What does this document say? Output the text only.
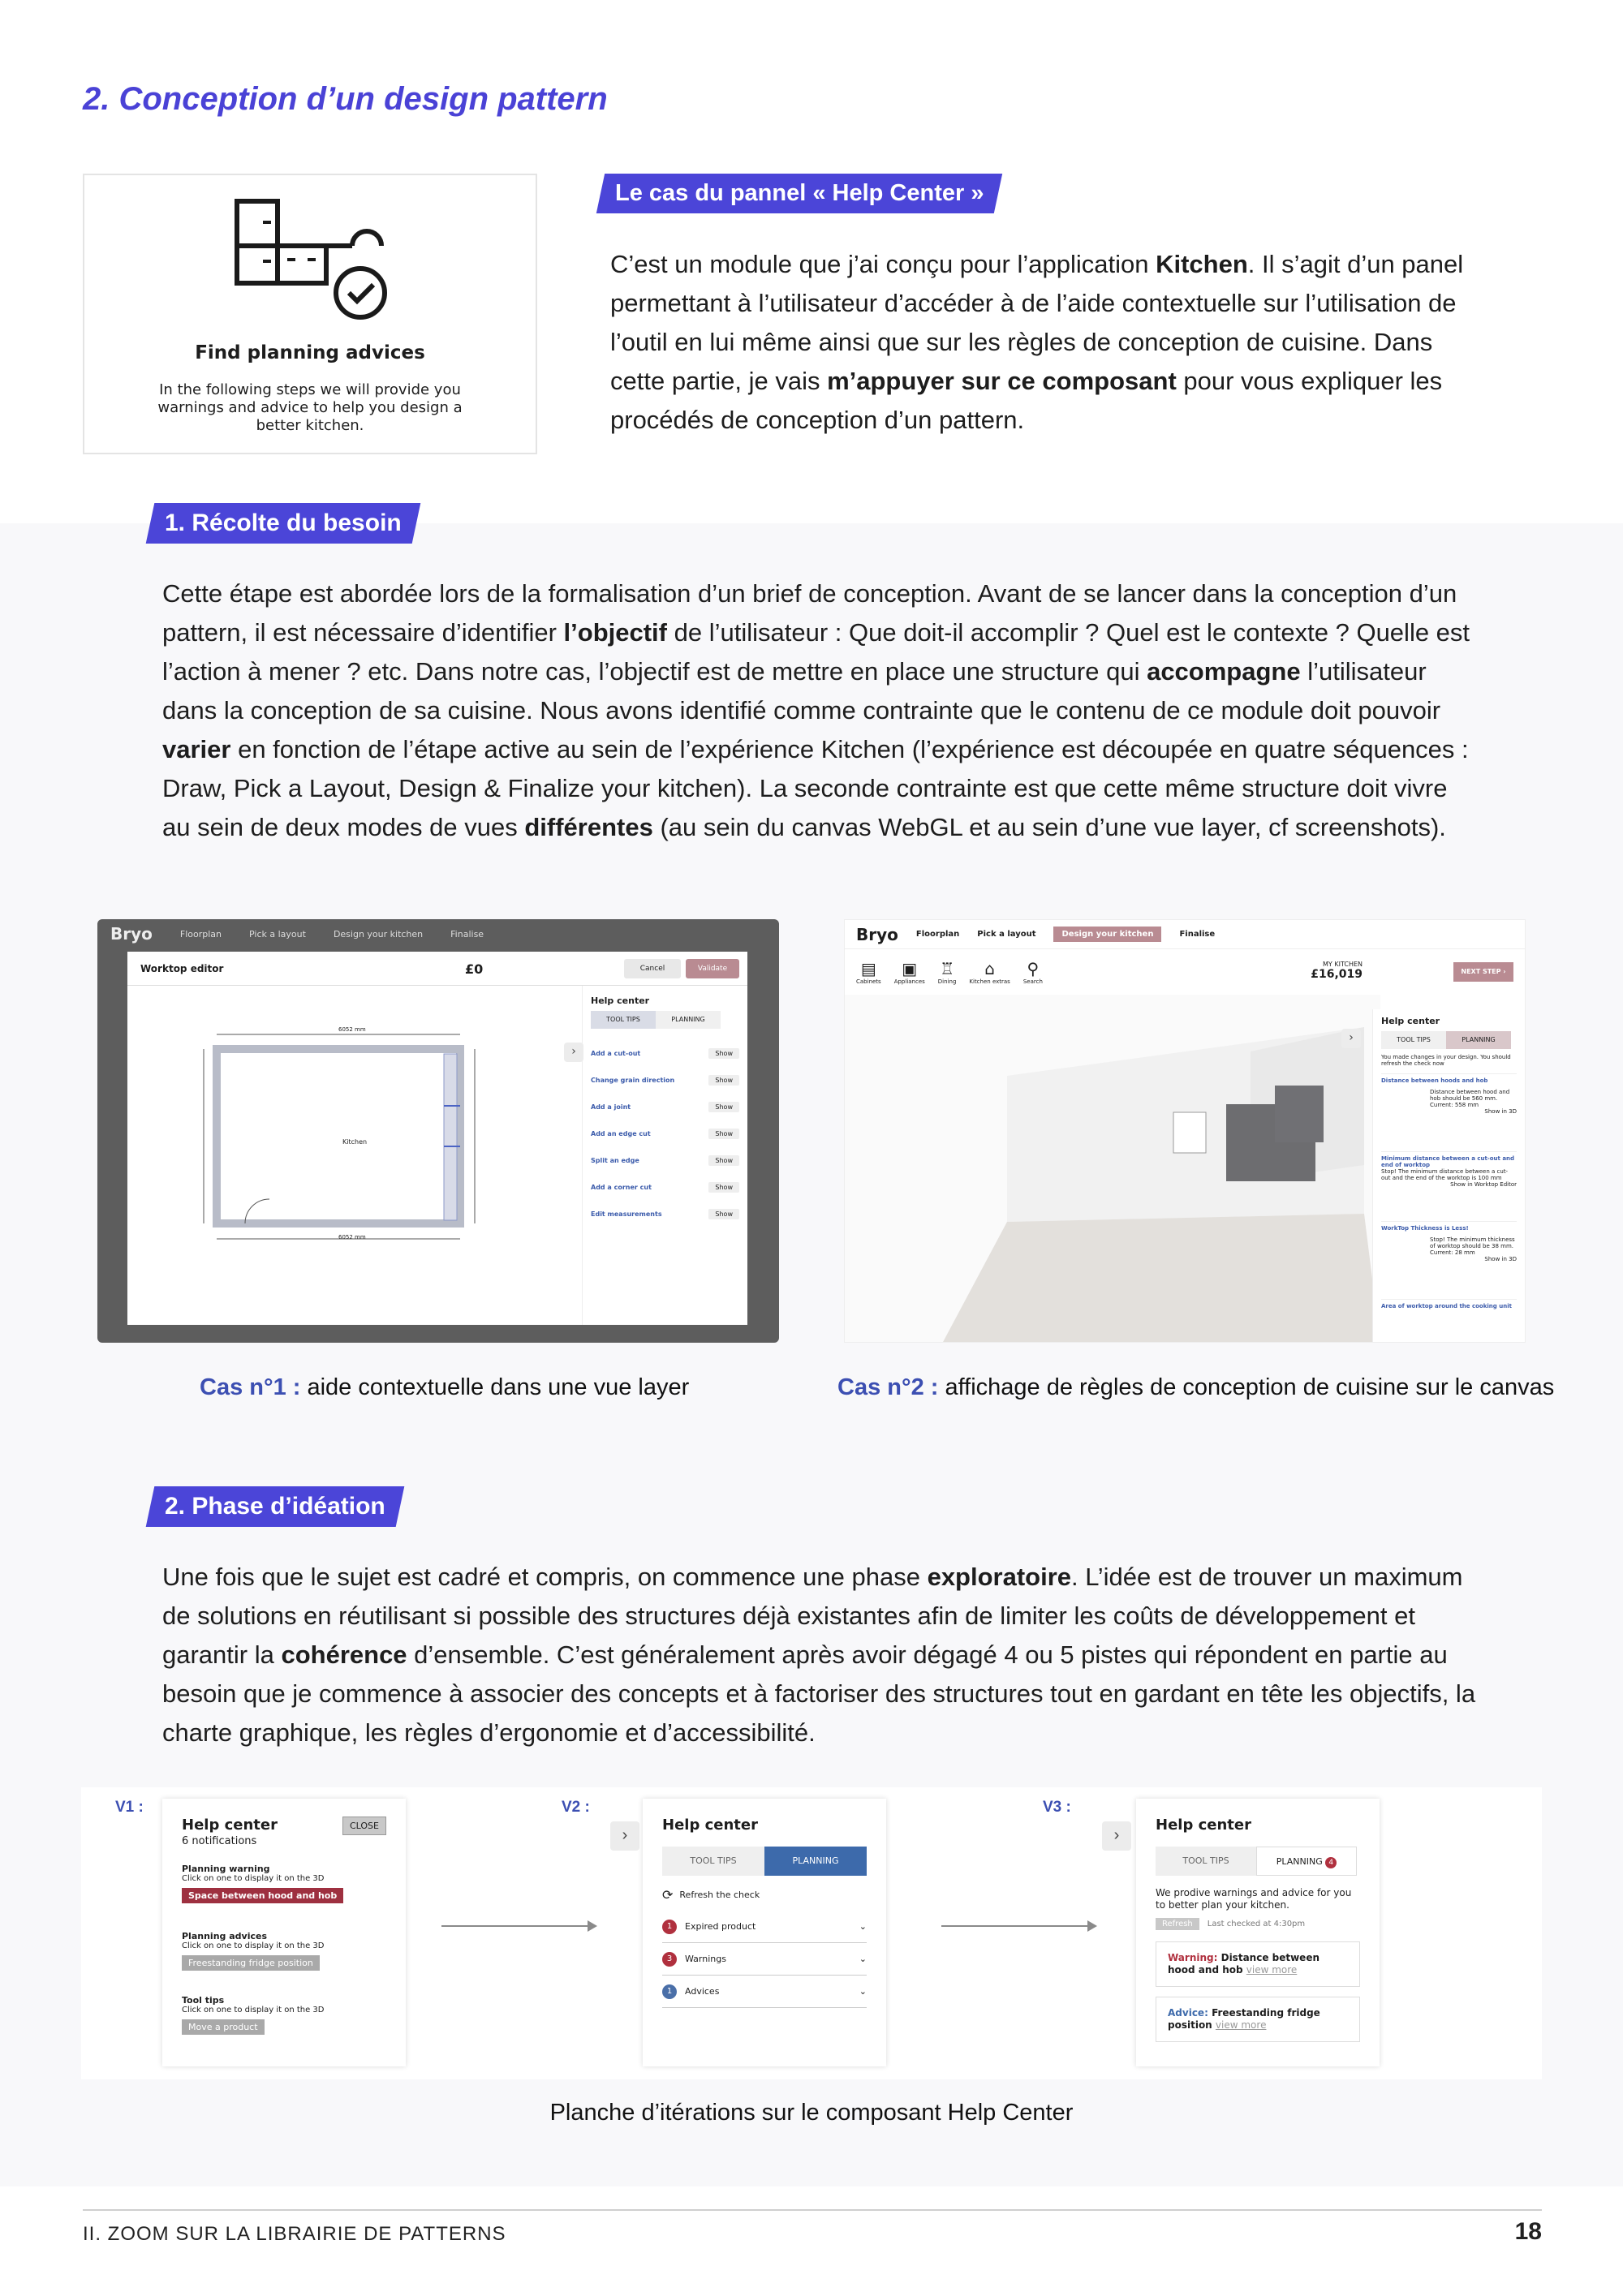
2. Conception d’un design pattern
Find planning advices
In the following steps we will provide you warnings and advice to help you design a better kitchen.
Le cas du pannel « Help Center »
C’est un module que j’ai conçu pour l’application Kitchen. Il s’agit d’un panel permettant à l’utilisateur d’accéder à de l’aide contextuelle sur l’utilisation de l’outil en lui même ainsi que sur les règles de conception de cuisine. Dans cette partie, je vais m’appuyer sur ce composant pour vous expliquer les procédés de conception d’un pattern.
1. Récolte du besoin
Cette étape est abordée lors de la formalisation d’un brief de conception. Avant de se lancer dans la conception d’un pattern, il est nécessaire d’identifier l’objectif de l’utilisateur : Que doit-il accomplir ? Quel est le contexte ? Quelle est l’action à mener ? etc. Dans notre cas, l’objectif est de mettre en place une structure qui accompagne l’utilisateur dans la conception de sa cuisine. Nous avons identifié comme contrainte que le contenu de ce module doit pouvoir varier en fonction de l’étape active au sein de l’expérience Kitchen (l’expérience est découpée en quatre séquences : Draw, Pick a Layout, Design & Finalize your kitchen). La seconde contrainte est que cette même structure doit vivre au sein de deux modes de vues différentes (au sein du canvas WebGL et au sein d’une vue layer, cf screenshots).
Bryo	Floorplan	Pick a layout	Design your kitchen	Finalise
Worktop editor	£0	Cancel	Validate
Kitchen
6052 mm
6052 mm
Help center
TOOL TIPS	PLANNING
Add a cut-out	Show
Change grain direction	Show
Add a joint	Show
Add an edge cut	Show
Split an edge	Show
Add a corner cut	Show
Edit measurements	Show
›
Bryo Floorplan Pick a layout	Design your kitchen	Finalise
▤
Cabinets
▣
Appliances
♖
Dining
⌂
Kitchen extras
⚲
Search
MY KITCHEN
£16,019	NEXT STEP ›
Help center
TOOL TIPS	PLANNING
You made changes in your design. You should refresh the check now
Distance between hoods and hob
Distance between hood and hob should be 560 mm. Current: 558 mm
Show in 3D
Minimum distance between a cut-out and end of worktop
Stop! The minimum distance between a cut-out and the end of the worktop is 100 mm
Show in Worktop Editor
WorkTop Thickness is Less!
Stop! The minimum thickness of worktop should be 38 mm. Current: 28 mm
Show in 3D
Area of worktop around the cooking unit
›
Cas n°1 : aide contextuelle dans une vue layer	Cas n°2 : affichage de règles de conception de cuisine sur le canvas
2. Phase d’idéation
Une fois que le sujet est cadré et compris, on commence une phase exploratoire. L’idée est de trouver un maximum de solutions en réutilisant si possible des structures déjà existantes afin de limiter les coûts de développement et garantir la cohérence d’ensemble. C’est généralement après avoir dégagé 4 ou 5 pistes qui répondent en partie au besoin que je commence à associer des concepts et à factoriser des structures tout en gardant en tête les objectifs, la charte graphique, les règles d’ergonomie et d’accessibilité.
V1 :
Help center
6 notifications
CLOSE
Planning warning
Click on one to display it on the 3D
Space between hood and hob
Planning advices
Click on one to display it on the 3D
Freestanding fridge position
Tool tips
Click on one to display it on the 3D
Move a product
V2 :
›
Help center
TOOL TIPS	PLANNING
⟳ Refresh the check
1	Expired product	⌄
3	Warnings	⌄
1	Advices	⌄
V3 :
›
Help center
TOOL TIPS	PLANNING 4
We prodive warnings and advice for you to better plan your kitchen.
Refresh Last checked at 4:30pm
Warning: Distance between hood and hob view more
Advice: Freestanding fridge position view more
Planche d’itérations sur le composant Help Center
II. ZOOM SUR LA LIBRAIRIE DE PATTERNS	18
